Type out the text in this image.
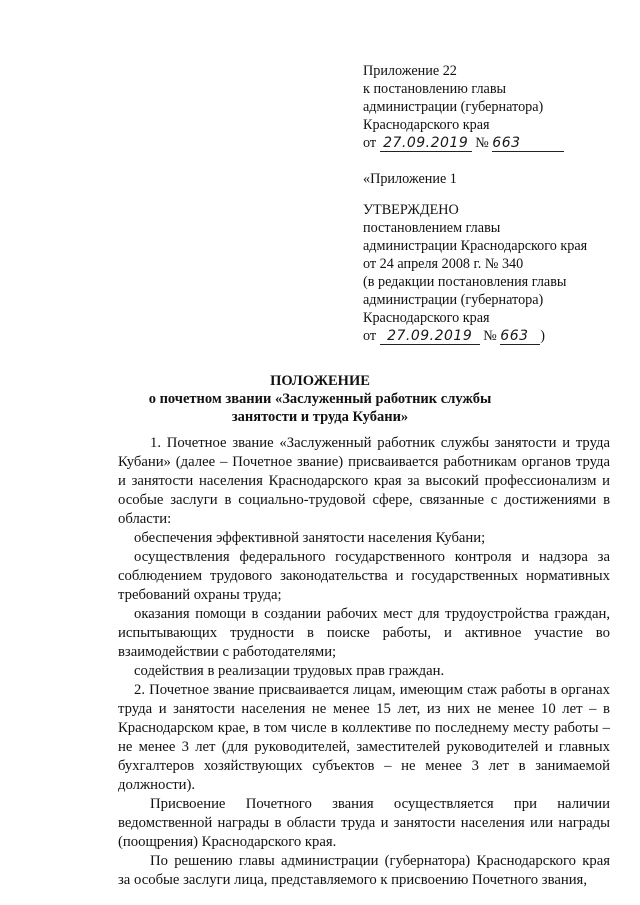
Приложение 22
к постановлению главы
администрации (губернатора)
Краснодарского края
от 27.09.2019 № 663
«Приложение 1
УТВЕРЖДЕНО
постановлением главы
администрации Краснодарского края
от 24 апреля 2008 г. № 340
(в редакции постановления главы
администрации (губернатора)
Краснодарского края
от 27.09.2019 № 663 )
ПОЛОЖЕНИЕ
о почетном звании «Заслуженный работник службы
занятости и труда Кубани»

1. Почетное звание «Заслуженный работник службы занятости и труда Кубани» (далее – Почетное звание) присваивается работникам органов труда и занятости населения Краснодарского края за высокий профессионализм и особые заслуги в социально-трудовой сфере, связанные с достижениями в области:

обеспечения эффективной занятости населения Кубани;

осуществления федерального государственного контроля и надзора за соблюдением трудового законодательства и государственных нормативных требований охраны труда;

оказания помощи в создании рабочих мест для трудоустройства граждан, испытывающих трудности в поиске работы, и активное участие во взаимодействии с работодателями;

содействия в реализации трудовых прав граждан.

2. Почетное звание присваивается лицам, имеющим стаж работы в органах труда и занятости населения не менее 15 лет, из них не менее 10 лет – в Краснодарском крае, в том числе в коллективе по последнему месту работы – не менее 3 лет (для руководителей, заместителей руководителей и главных бухгалтеров хозяйствующих субъектов – не менее 3 лет в занимаемой должности).

Присвоение Почетного звания осуществляется при наличии ведомственной награды в области труда и занятости населения или награды (поощрения) Краснодарского края.

По решению главы администрации (губернатора) Краснодарского края за особые заслуги лица, представляемого к присвоению Почетного звания,
